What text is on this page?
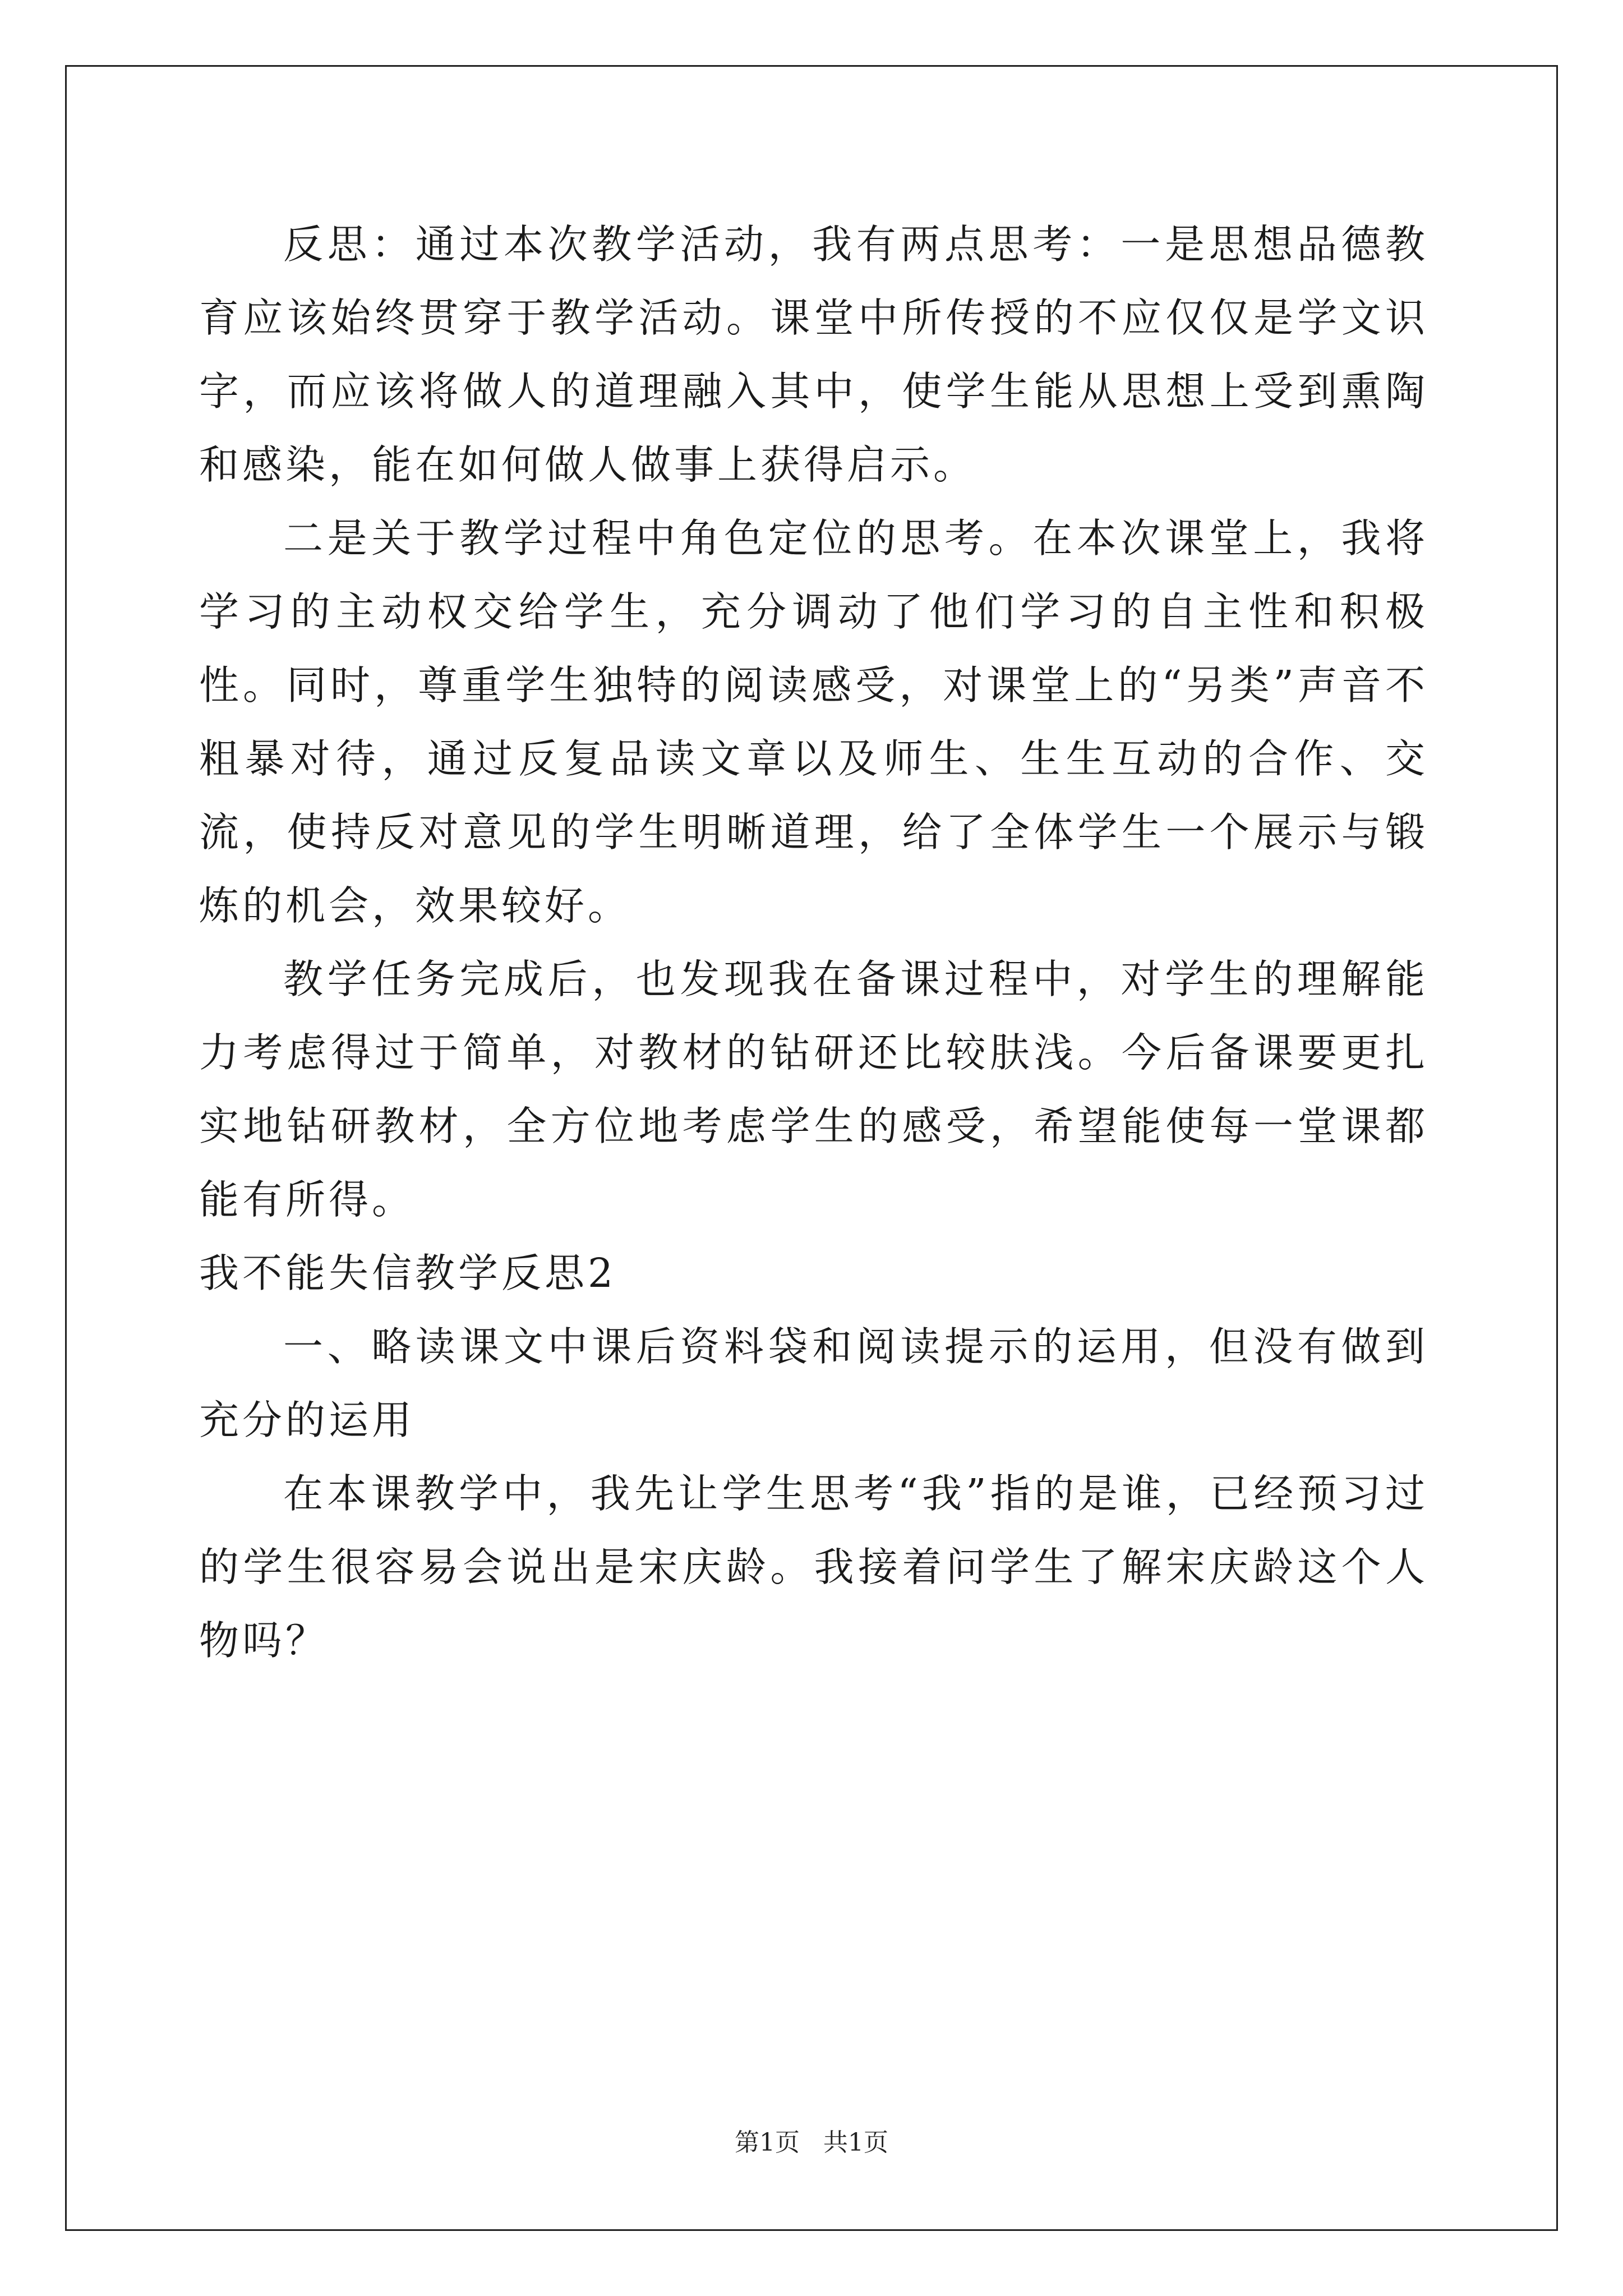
反思：通过本次教学活动，我有两点思考：一是思想品德教育应该始终贯穿于教学活动。课堂中所传授的不应仅仅是学文识字，而应该将做人的道理融入其中，使学生能从思想上受到熏陶和感染，能在如何做人做事上获得启示。

二是关于教学过程中角色定位的思考。在本次课堂上，我将学习的主动权交给学生，充分调动了他们学习的自主性和积极性。同时，尊重学生独特的阅读感受，对课堂上的“另类”声音不粗暴对待，通过反复品读文章以及师生、生生互动的合作、交流，使持反对意见的学生明晰道理，给了全体学生一个展示与锻炼的机会，效果较好。

教学任务完成后，也发现我在备课过程中，对学生的理解能力考虑得过于简单，对教材的钻研还比较肤浅。今后备课要更扎实地钻研教材，全方位地考虑学生的感受，希望能使每一堂课都能有所得。

我不能失信教学反思2

一、略读课文中课后资料袋和阅读提示的运用，但没有做到充分的运用

在本课教学中，我先让学生思考“我”指的是谁，已经预习过的学生很容易会说出是宋庆龄。我接着问学生了解宋庆龄这个人物吗？

第1页 共1页
